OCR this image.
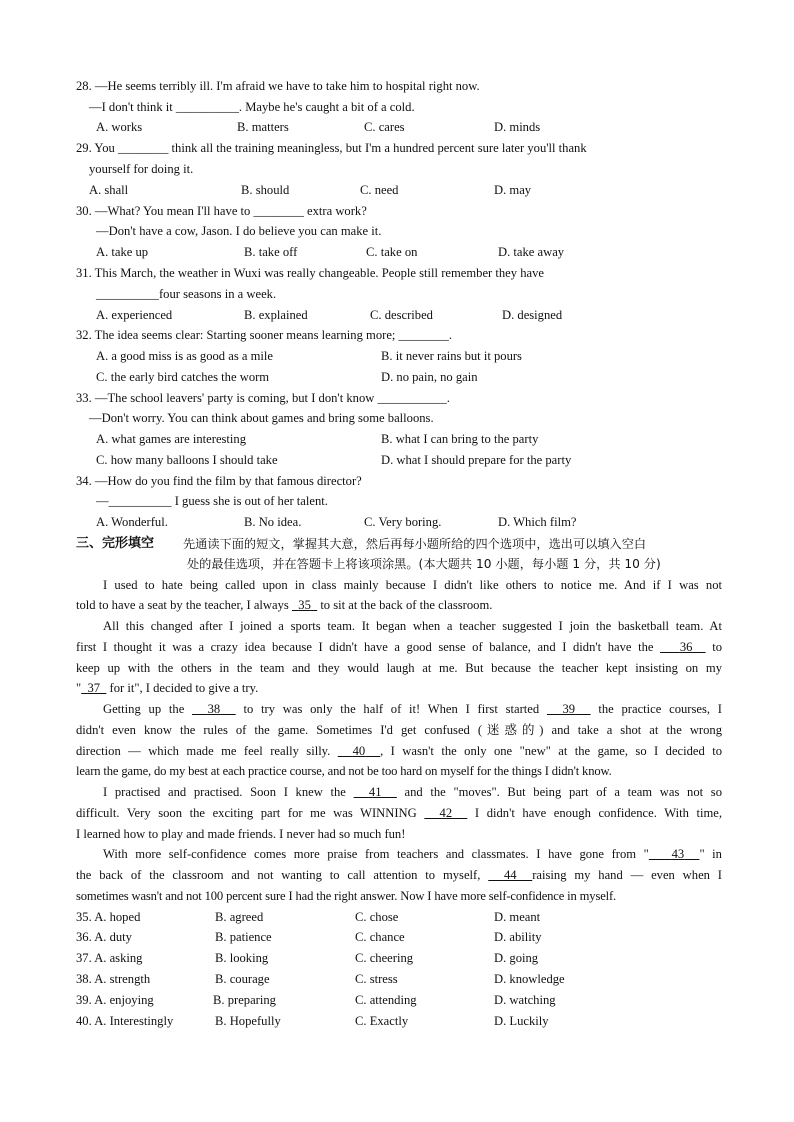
28. —He seems terribly ill. I'm afraid we have to take him to hospital right now.
—I don't think it __________. Maybe he's caught a bit of a cold.
A. works	B. matters	C. cares	D. minds
29. You ________ think all the training meaningless, but I'm a hundred percent sure later you'll thank
yourself for doing it.
A. shall	B. should	C. need	D. may
30. —What? You mean I'll have to ________ extra work?
—Don't have a cow, Jason. I do believe you can make it.
A. take up	B. take off	C. take on	D. take away
31. This March, the weather in Wuxi was really changeable. People still remember they have
__________four seasons in a week.
A. experienced	B. explained	C. described	D. designed
32. The idea seems clear: Starting sooner means learning more; ________.
A. a good miss is as good as a mile	B. it never rains but it pours
C. the early bird catches the worm	D. no pain, no gain
33. —The school leavers' party is coming, but I don't know ___________.
—Don't worry. You can think about games and bring some balloons.
A. what games are interesting	B. what I can bring to the party
C. how many balloons I should take	D. what I should prepare for the party
34. —How do you find the film by that famous director?
—__________ I guess she is out of her talent.
A. Wonderful.	B. No idea.	C. Very boring.	D. Which film?
三、完形填空 先通读下面的短文，掌握其大意，然后再每小题所给的四个选项中，选出可以填入空白
处的最佳选项，并在答题卡上将该项涂黑。(本大题共 10 小题，每小题 1 分，共 10 分)
I used to hate being called upon in class mainly because I didn't like others to notice me. And if I was not
told to have a seat by the teacher, I always 35 to sit at the back of the classroom.
All this changed after I joined a sports team. It began when a teacher suggested I join the basketball team. At
first I thought it was a crazy idea because I didn't have a good sense of balance, and I didn't have the 36 to
keep up with the others in the team and they would laugh at me. But because the teacher kept insisting on my
" 37 for it", I decided to give a try.
Getting up the 38 to try was only the half of it! When I first started 39 the practice courses, I
didn't even know the rules of the game. Sometimes I'd get confused (迷惑的) and take a shot at the wrong
direction — which made me feel really silly. 40 , I wasn't the only one "new" at the game, so I decided to
learn the game, do my best at each practice course, and not be too hard on myself for the things I didn't know.
I practised and practised. Soon I knew the 41 and the "moves". But being part of a team was not so
difficult. Very soon the exciting part for me was WINNING 42 I didn't have enough confidence. With time,
I learned how to play and made friends. I never had so much fun!
With more self-confidence comes more praise from teachers and classmates. I have gone from " 43 " in
the back of the classroom and not wanting to call attention to myself, 44 raising my hand — even when I
sometimes wasn't and not 100 percent sure I had the right answer. Now I have more self-confidence in myself.
35. A. hoped	B. agreed	C. chose	D. meant
36. A. duty	B. patience	C. chance	D. ability
37. A. asking	B. looking	C. cheering	D. going
38. A. strength	B. courage	C. stress	D. knowledge
39. A. enjoying	B. preparing	C. attending	D. watching
40. A. Interestingly	B. Hopefully	C. Exactly	D. Luckily
